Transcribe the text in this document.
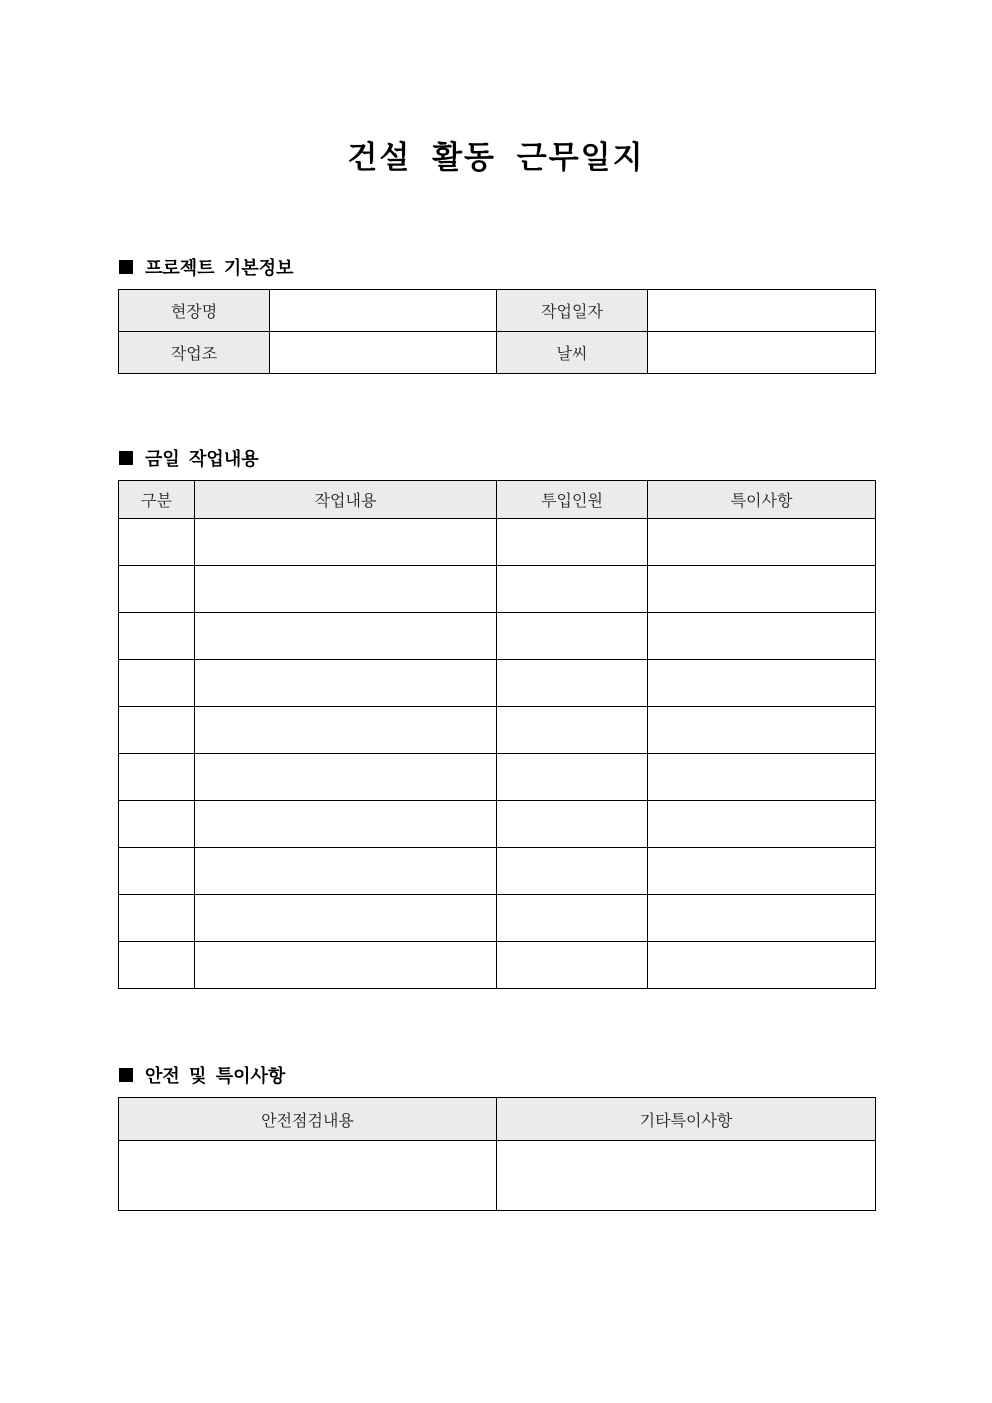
건설 활동 근무일지
프로젝트 기본정보
현장명		작업일자	
작업조		날씨	
금일 작업내용
구분	작업내용	투입인원	특이사항

안전 및 특이사항
안전점검내용	기타특이사항
